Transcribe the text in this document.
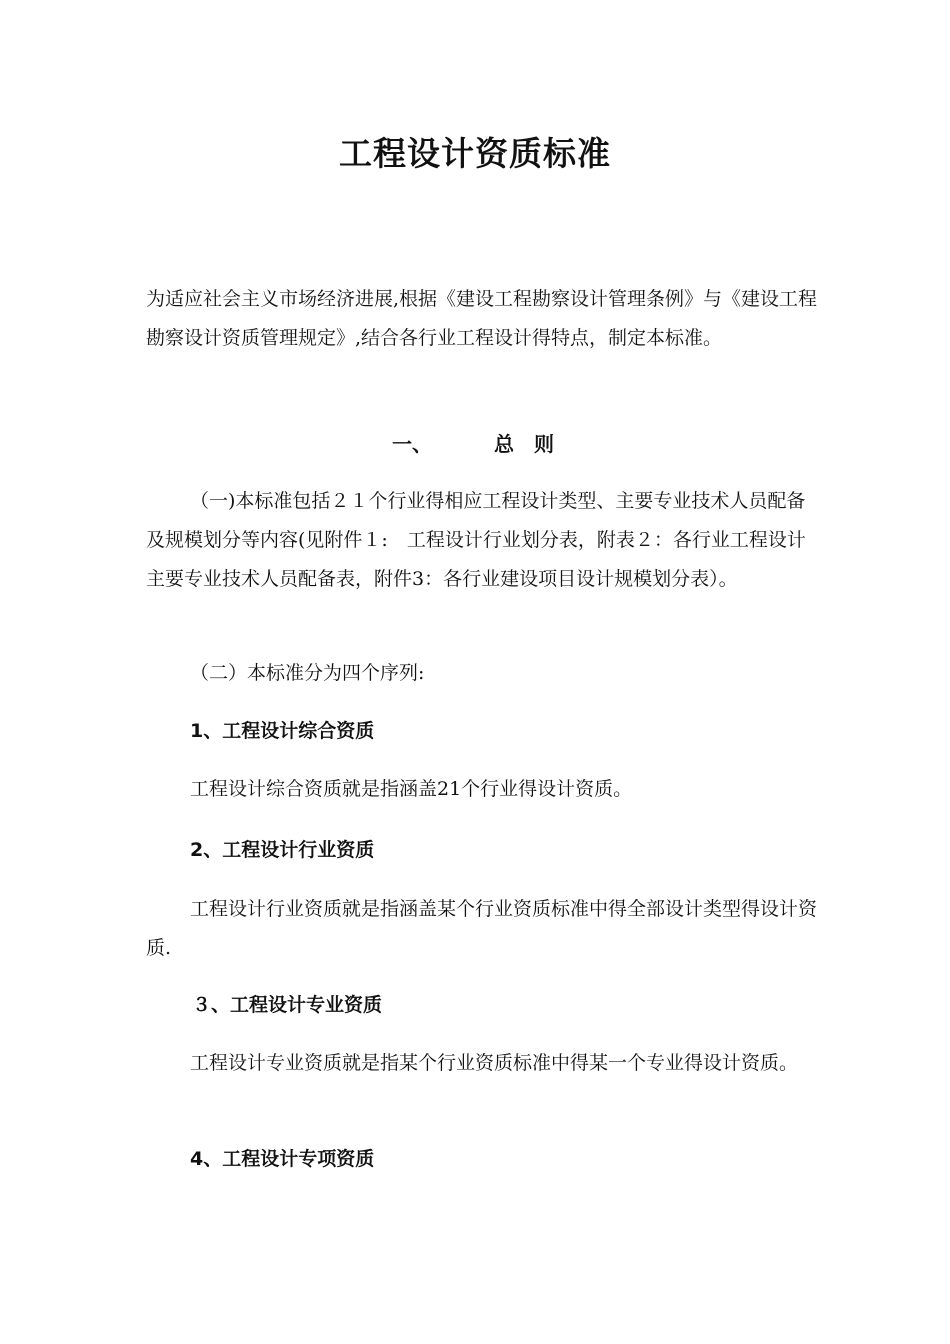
工程设计资质标准

为适应社会主义市场经济进展,根据《建设工程勘察设计管理条例》与《建设工程勘察设计资质管理规定》,结合各行业工程设计得特点，制定本标准。

一、	总　则

（一)本标准包括２１个行业得相应工程设计类型、主要专业技术人员配备及规模划分等内容(见附件１:　工程设计行业划分表，附表２：各行业工程设计主要专业技术人员配备表，附件3：各行业建设项目设计规模划分表）。

（二）本标准分为四个序列:

1、工程设计综合资质

工程设计综合资质就是指涵盖21个行业得设计资质。

2、工程设计行业资质

工程设计行业资质就是指涵盖某个行业资质标准中得全部设计类型得设计资质.

３、工程设计专业资质

工程设计专业资质就是指某个行业资质标准中得某一个专业得设计资质。

4、工程设计专项资质
